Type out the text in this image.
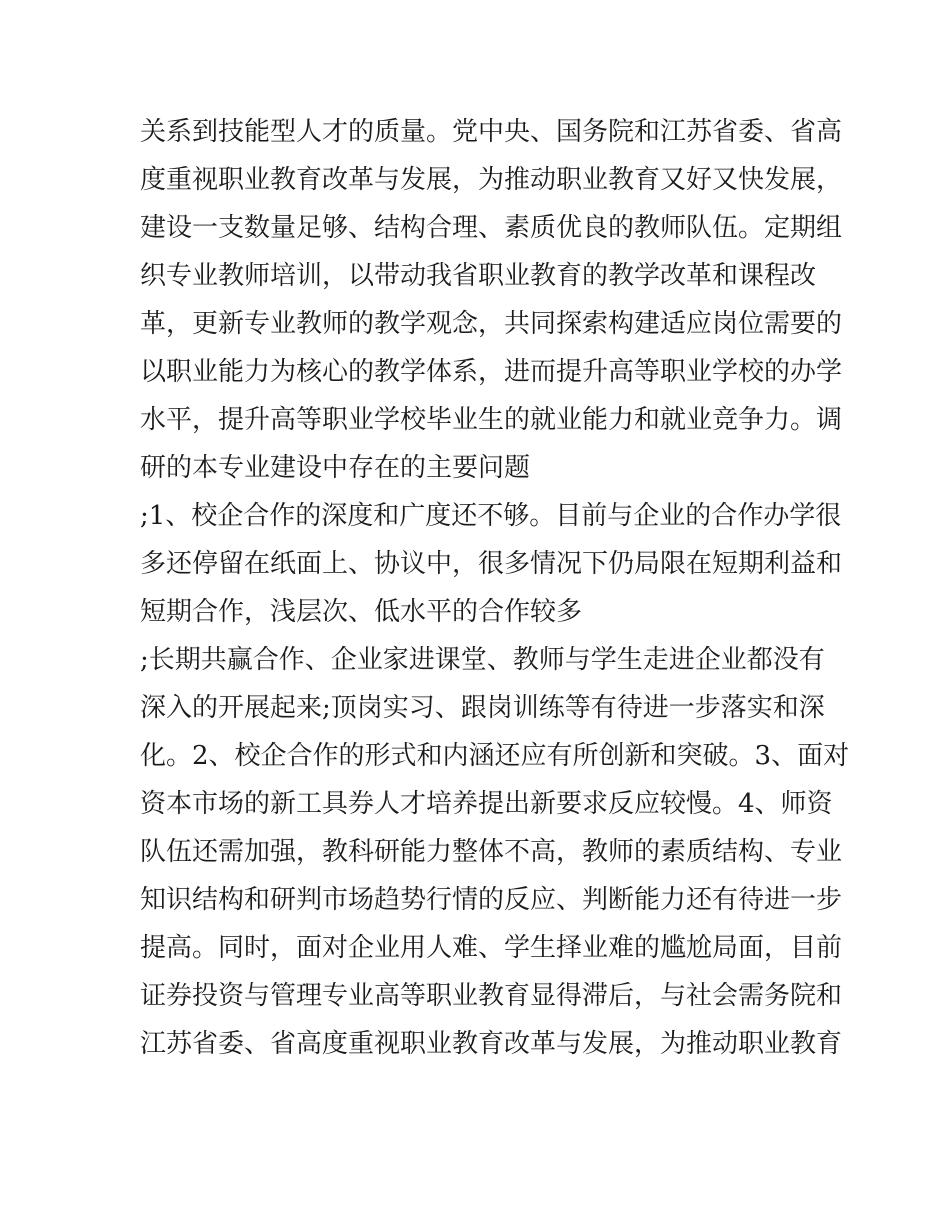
关系到技能型人才的质量。党中央、国务院和江苏省委、省高
度重视职业教育改革与发展，为推动职业教育又好又快发展，
建设一支数量足够、结构合理、素质优良的教师队伍。定期组
织专业教师培训，以带动我省职业教育的教学改革和课程改
革，更新专业教师的教学观念，共同探索构建适应岗位需要的
以职业能力为核心的教学体系，进而提升高等职业学校的办学
水平，提升高等职业学校毕业生的就业能力和就业竞争力。调
研的本专业建设中存在的主要问题
;1、校企合作的深度和广度还不够。目前与企业的合作办学很
多还停留在纸面上、协议中，很多情况下仍局限在短期利益和
短期合作，浅层次、低水平的合作较多
;长期共赢合作、企业家进课堂、教师与学生走进企业都没有
深入的开展起来;顶岗实习、跟岗训练等有待进一步落实和深
化。2、校企合作的形式和内涵还应有所创新和突破。3、面对
资本市场的新工具券人才培养提出新要求反应较慢。4、师资
队伍还需加强，教科研能力整体不高，教师的素质结构、专业
知识结构和研判市场趋势行情的反应、判断能力还有待进一步
提高。同时，面对企业用人难、学生择业难的尴尬局面，目前
证券投资与管理专业高等职业教育显得滞后，与社会需务院和
江苏省委、省高度重视职业教育改革与发展，为推动职业教育
